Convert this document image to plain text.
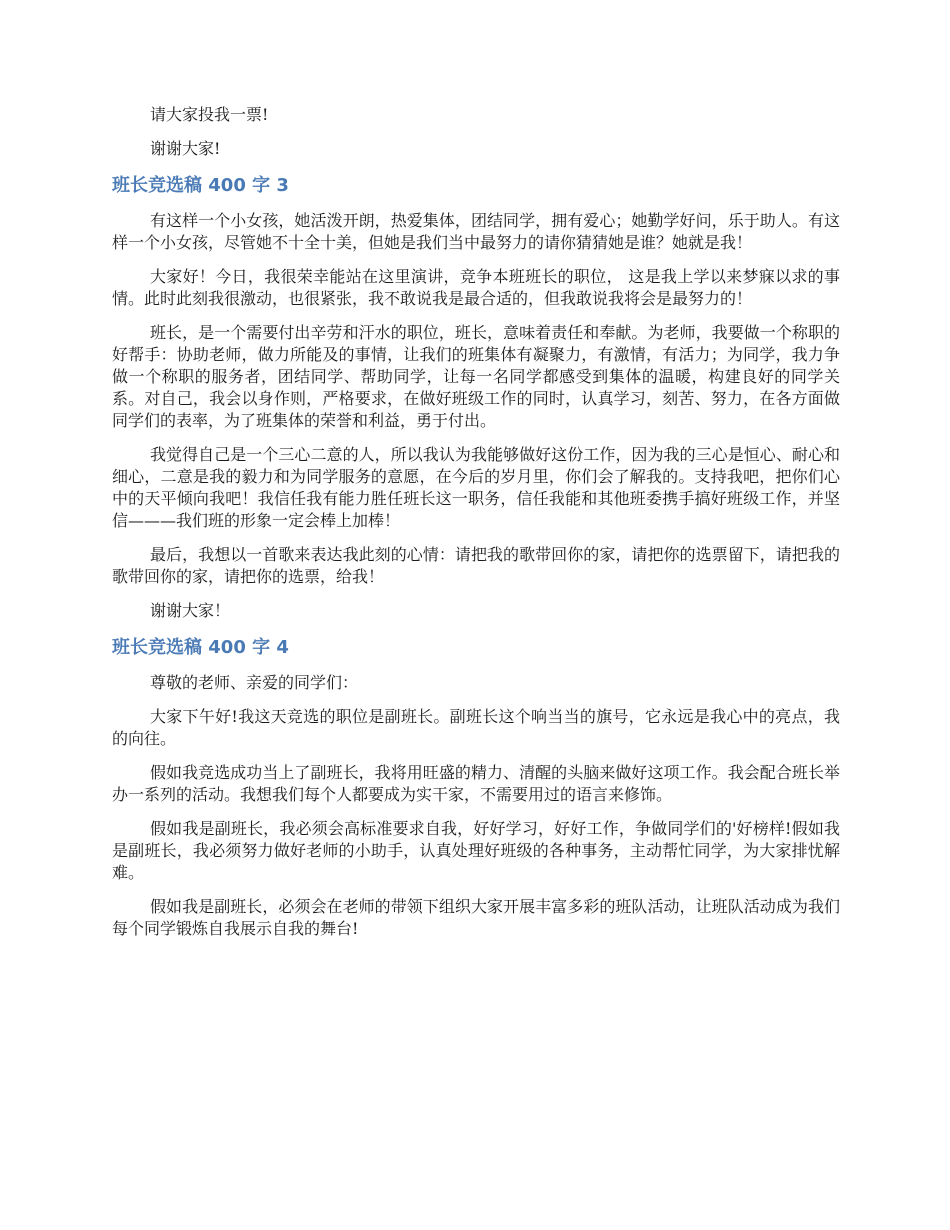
请大家投我一票!

谢谢大家!

班长竞选稿 400 字 3

有这样一个小女孩，她活泼开朗，热爱集体，团结同学，拥有爱心；她勤学好问，乐于助人。有这样一个小女孩，尽管她不十全十美，但她是我们当中最努力的请你猜猜她是谁？她就是我！

大家好！今日，我很荣幸能站在这里演讲，竞争本班班长的职位， 这是我上学以来梦寐以求的事情。此时此刻我很激动，也很紧张，我不敢说我是最合适的，但我敢说我将会是最努力的！

班长，是一个需要付出辛劳和汗水的职位，班长，意味着责任和奉献。为老师，我要做一个称职的好帮手：协助老师，做力所能及的事情，让我们的班集体有凝聚力，有激情，有活力；为同学，我力争做一个称职的服务者，团结同学、帮助同学，让每一名同学都感受到集体的温暖，构建良好的同学关系。对自己，我会以身作则，严格要求，在做好班级工作的同时，认真学习，刻苦、努力，在各方面做同学们的表率，为了班集体的荣誉和利益，勇于付出。

我觉得自己是一个三心二意的人，所以我认为我能够做好这份工作，因为我的三心是恒心、耐心和细心，二意是我的毅力和为同学服务的意愿，在今后的岁月里，你们会了解我的。支持我吧，把你们心中的天平倾向我吧！我信任我有能力胜任班长这一职务，信任我能和其他班委携手搞好班级工作，并坚信———我们班的形象一定会棒上加棒！

最后，我想以一首歌来表达我此刻的心情：请把我的歌带回你的家，请把你的选票留下，请把我的歌带回你的家，请把你的选票，给我！

谢谢大家！

班长竞选稿 400 字 4

尊敬的老师、亲爱的同学们：

大家下午好!我这天竞选的职位是副班长。副班长这个响当当的旗号，它永远是我心中的亮点，我的向往。

假如我竞选成功当上了副班长，我将用旺盛的精力、清醒的头脑来做好这项工作。我会配合班长举办一系列的活动。我想我们每个人都要成为实干家，不需要用过的语言来修饰。

假如我是副班长，我必须会高标准要求自我，好好学习，好好工作，争做同学们的'好榜样!假如我是副班长，我必须努力做好老师的小助手，认真处理好班级的各种事务，主动帮忙同学，为大家排忧解难。

假如我是副班长，必须会在老师的带领下组织大家开展丰富多彩的班队活动，让班队活动成为我们每个同学锻炼自我展示自我的舞台!
